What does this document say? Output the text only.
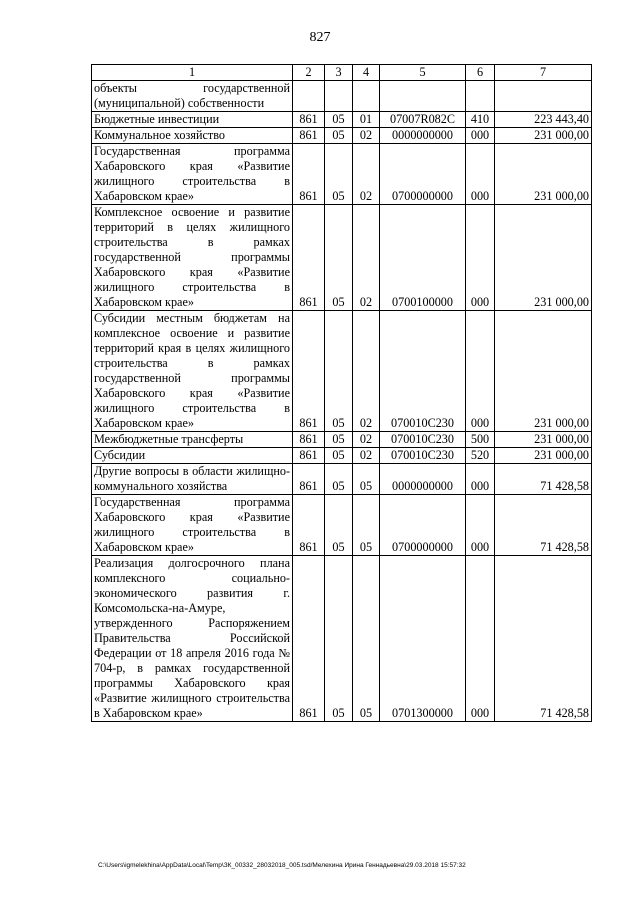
827
1	2	3	4	5	6	7
объекты государственной (муниципальной) собственности						
Бюджетные инвестиции	861	05	01	07007R082C	410	223 443,40
Коммунальное хозяйство	861	05	02	0000000000	000	231 000,00
Государственная программа Хабаровского края «Развитие жилищного строительства в Хабаровском крае»	861	05	02	0700000000	000	231 000,00
Комплексное освоение и развитие территорий в целях жилищного строительства в рамках государственной программы Хабаровского края «Развитие жилищного строительства в Хабаровском крае»	861	05	02	0700100000	000	231 000,00
Субсидии местным бюджетам на комплексное освоение и развитие территорий края в целях жилищного строительства в рамках государственной программы Хабаровского края «Развитие жилищного строительства в Хабаровском крае»	861	05	02	070010С230	000	231 000,00
Межбюджетные трансферты	861	05	02	070010С230	500	231 000,00
Субсидии	861	05	02	070010С230	520	231 000,00
Другие вопросы в области жилищно-коммунального хозяйства	861	05	05	0000000000	000	71 428,58
Государственная программа Хабаровского края «Развитие жилищного строительства в Хабаровском крае»	861	05	05	0700000000	000	71 428,58
Реализация долгосрочного плана комплексного социально-экономического развития г. Комсомольска-на-Амуре, утвержденного Распоряжением Правительства Российской Федерации от 18 апреля 2016 года № 704-р, в рамках государственной программы Хабаровского края «Развитие жилищного строительства в Хабаровском крае»	861	05	05	0701300000	000	71 428,58
C:\Users\igmelekhina\AppData\Local\Temp\ЗК_00332_28032018_005.tsd/Мелехина Ирина Геннадьевна\29.03.2018 15:57:32
